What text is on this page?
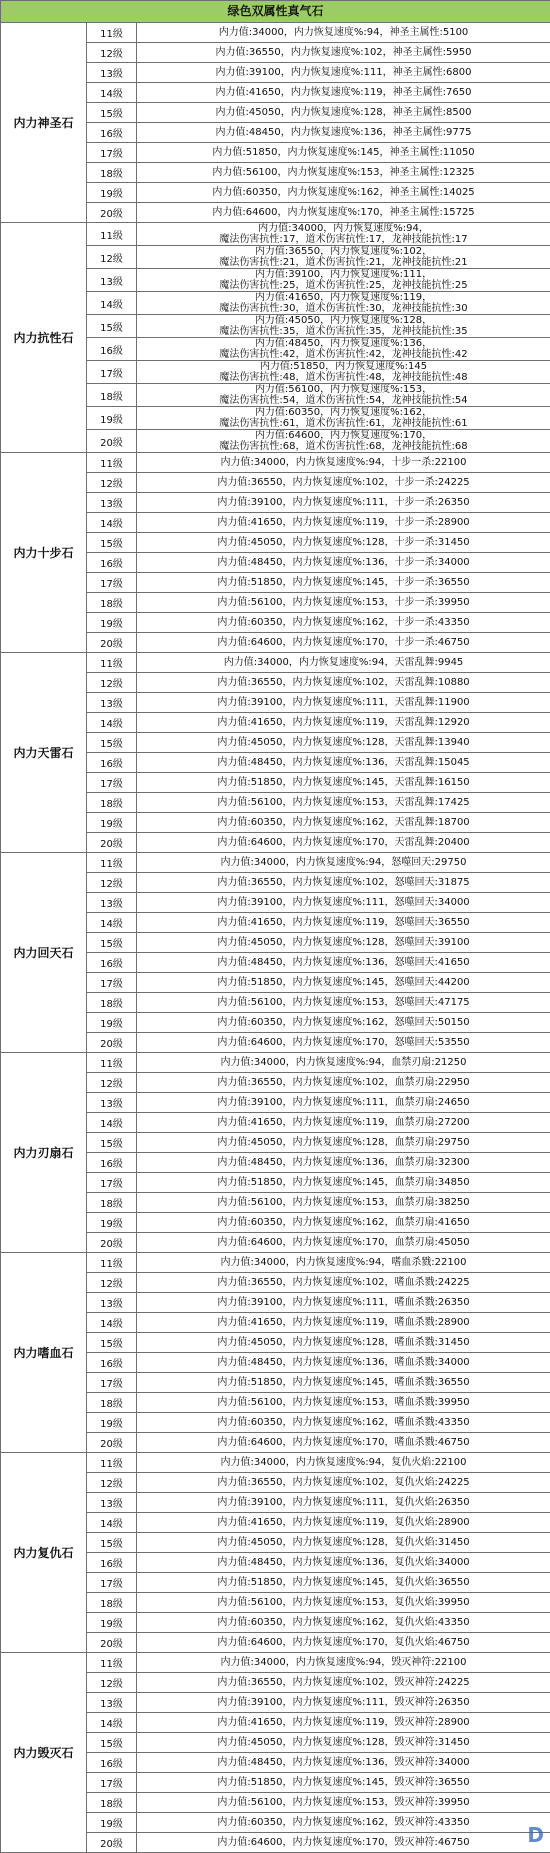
绿色双属性真气石		
内力神圣石	11级	内力值:34000，内力恢复速度%:94，神圣主属性:5100

	12级	内力值:36550，内力恢复速度%:102，神圣主属性:5950

	13级	内力值:39100，内力恢复速度%:111，神圣主属性:6800

	14级	内力值:41650，内力恢复速度%:119，神圣主属性:7650

	15级	内力值:45050，内力恢复速度%:128，神圣主属性:8500

	16级	内力值:48450，内力恢复速度%:136，神圣主属性:9775

	17级	内力值:51850，内力恢复速度%:145，神圣主属性:11050

	18级	内力值:56100，内力恢复速度%:153，神圣主属性:12325

	19级	内力值:60350，内力恢复速度%:162，神圣主属性:14025

	20级	内力值:64600，内力恢复速度%:170，神圣主属性:15725

内力抗性石	11级	内力值:34000，内力恢复速度%:94，
魔法伤害抗性:17，道术伤害抗性:17，龙神技能抗性:17

	12级	内力值:36550，内力恢复速度%:102，
魔法伤害抗性:21，道术伤害抗性:21，龙神技能抗性:21

	13级	内力值:39100，内力恢复速度%:111，
魔法伤害抗性:25，道术伤害抗性:25，龙神技能抗性:25

	14级	内力值:41650，内力恢复速度%:119，
魔法伤害抗性:30，道术伤害抗性:30，龙神技能抗性:30

	15级	内力值:45050，内力恢复速度%:128，
魔法伤害抗性:35，道术伤害抗性:35，龙神技能抗性:35

	16级	内力值:48450，内力恢复速度%:136，
魔法伤害抗性:42，道术伤害抗性:42，龙神技能抗性:42

	17级	内力值:51850，内力恢复速度%:145
魔法伤害抗性:48，道术伤害抗性:48，龙神技能抗性:48

	18级	内力值:56100，内力恢复速度%:153，
魔法伤害抗性:54，道术伤害抗性:54，龙神技能抗性:54

	19级	内力值:60350，内力恢复速度%:162，
魔法伤害抗性:61，道术伤害抗性:61，龙神技能抗性:61

	20级	内力值:64600，内力恢复速度%:170，
魔法伤害抗性:68，道术伤害抗性:68，龙神技能抗性:68

内力十步石	11级	内力值:34000，内力恢复速度%:94，十步一杀:22100

	12级	内力值:36550，内力恢复速度%:102，十步一杀:24225

	13级	内力值:39100，内力恢复速度%:111，十步一杀:26350

	14级	内力值:41650，内力恢复速度%:119，十步一杀:28900

	15级	内力值:45050，内力恢复速度%:128，十步一杀:31450

	16级	内力值:48450，内力恢复速度%:136，十步一杀:34000

	17级	内力值:51850，内力恢复速度%:145，十步一杀:36550

	18级	内力值:56100，内力恢复速度%:153，十步一杀:39950

	19级	内力值:60350，内力恢复速度%:162，十步一杀:43350

	20级	内力值:64600，内力恢复速度%:170，十步一杀:46750

内力天雷石	11级	内力值:34000，内力恢复速度%:94，天雷乱舞:9945

	12级	内力值:36550，内力恢复速度%:102，天雷乱舞:10880

	13级	内力值:39100，内力恢复速度%:111，天雷乱舞:11900

	14级	内力值:41650，内力恢复速度%:119，天雷乱舞:12920

	15级	内力值:45050，内力恢复速度%:128，天雷乱舞:13940

	16级	内力值:48450，内力恢复速度%:136，天雷乱舞:15045

	17级	内力值:51850，内力恢复速度%:145，天雷乱舞:16150

	18级	内力值:56100，内力恢复速度%:153，天雷乱舞:17425

	19级	内力值:60350，内力恢复速度%:162，天雷乱舞:18700

	20级	内力值:64600，内力恢复速度%:170，天雷乱舞:20400

内力回天石	11级	内力值:34000，内力恢复速度%:94，怒噬回天:29750

	12级	内力值:36550，内力恢复速度%:102，怒噬回天:31875

	13级	内力值:39100，内力恢复速度%:111，怒噬回天:34000

	14级	内力值:41650，内力恢复速度%:119，怒噬回天:36550

	15级	内力值:45050，内力恢复速度%:128，怒噬回天:39100

	16级	内力值:48450，内力恢复速度%:136，怒噬回天:41650

	17级	内力值:51850，内力恢复速度%:145，怒噬回天:44200

	18级	内力值:56100，内力恢复速度%:153，怒噬回天:47175

	19级	内力值:60350，内力恢复速度%:162，怒噬回天:50150

	20级	内力值:64600，内力恢复速度%:170，怒噬回天:53550

内力刃扇石	11级	内力值:34000，内力恢复速度%:94，血禁刃扇:21250

	12级	内力值:36550，内力恢复速度%:102，血禁刃扇:22950

	13级	内力值:39100，内力恢复速度%:111，血禁刃扇:24650

	14级	内力值:41650，内力恢复速度%:119，血禁刃扇:27200

	15级	内力值:45050，内力恢复速度%:128，血禁刃扇:29750

	16级	内力值:48450，内力恢复速度%:136，血禁刃扇:32300

	17级	内力值:51850，内力恢复速度%:145，血禁刃扇:34850

	18级	内力值:56100，内力恢复速度%:153，血禁刃扇:38250

	19级	内力值:60350，内力恢复速度%:162，血禁刃扇:41650

	20级	内力值:64600，内力恢复速度%:170，血禁刃扇:45050

内力嗜血石	11级	内力值:34000，内力恢复速度%:94，嗜血杀戮:22100

	12级	内力值:36550，内力恢复速度%:102，嗜血杀戮:24225

	13级	内力值:39100，内力恢复速度%:111，嗜血杀戮:26350

	14级	内力值:41650，内力恢复速度%:119，嗜血杀戮:28900

	15级	内力值:45050，内力恢复速度%:128，嗜血杀戮:31450

	16级	内力值:48450，内力恢复速度%:136，嗜血杀戮:34000

	17级	内力值:51850，内力恢复速度%:145，嗜血杀戮:36550

	18级	内力值:56100，内力恢复速度%:153，嗜血杀戮:39950

	19级	内力值:60350，内力恢复速度%:162，嗜血杀戮:43350

	20级	内力值:64600，内力恢复速度%:170，嗜血杀戮:46750

内力复仇石	11级	内力值:34000，内力恢复速度%:94，复仇火焰:22100

	12级	内力值:36550，内力恢复速度%:102，复仇火焰:24225

	13级	内力值:39100，内力恢复速度%:111，复仇火焰:26350

	14级	内力值:41650，内力恢复速度%:119，复仇火焰:28900

	15级	内力值:45050，内力恢复速度%:128，复仇火焰:31450

	16级	内力值:48450，内力恢复速度%:136，复仇火焰:34000

	17级	内力值:51850，内力恢复速度%:145，复仇火焰:36550

	18级	内力值:56100，内力恢复速度%:153，复仇火焰:39950

	19级	内力值:60350，内力恢复速度%:162，复仇火焰:43350

	20级	内力值:64600，内力恢复速度%:170，复仇火焰:46750

内力毁灭石	11级	内力值:34000，内力恢复速度%:94，毁灭神符:22100

	12级	内力值:36550，内力恢复速度%:102，毁灭神符:24225

	13级	内力值:39100，内力恢复速度%:111，毁灭神符:26350

	14级	内力值:41650，内力恢复速度%:119，毁灭神符:28900

	15级	内力值:45050，内力恢复速度%:128，毁灭神符:31450

	16级	内力值:48450，内力恢复速度%:136，毁灭神符:34000

	17级	内力值:51850，内力恢复速度%:145，毁灭神符:36550

	18级	内力值:56100，内力恢复速度%:153，毁灭神符:39950

	19级	内力值:60350，内力恢复速度%:162，毁灭神符:43350

	20级	内力值:64600，内力恢复速度%:170，毁灭神符:46750	D
